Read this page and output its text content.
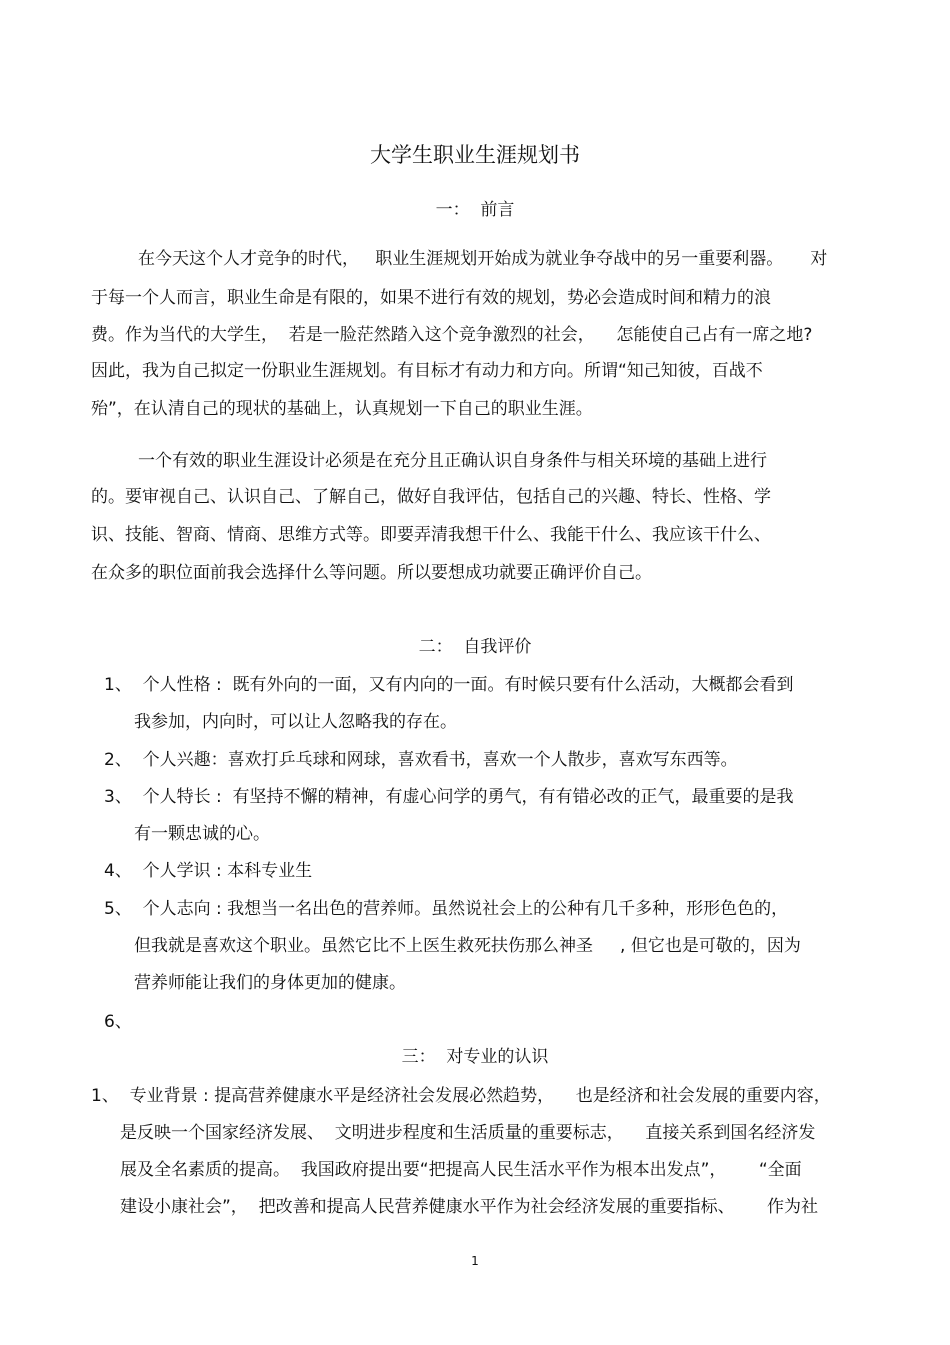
大学生职业生涯规划书
一：  前言
在今天这个人才竞争的时代，   职业生涯规划开始成为就业争夺战中的另一重要利器。     对
于每一个人而言，职业生命是有限的，如果不进行有效的规划，势必会造成时间和精力的浪
费。作为当代的大学生，  若是一脸茫然踏入这个竞争激烈的社会，    怎能使自己占有一席之地?
因此，我为自己拟定一份职业生涯规划。有目标才有动力和方向。所谓“知己知彼，百战不
殆”，在认清自己的现状的基础上，认真规划一下自己的职业生涯。
一个有效的职业生涯设计必须是在充分且正确认识自身条件与相关环境的基础上进行
的。要审视自己、认识自己、了解自己，做好自我评估，包括自己的兴趣、特长、性格、学
识、技能、智商、情商、思维方式等。即要弄清我想干什么、我能干什么、我应该干什么、
在众多的职位面前我会选择什么等问题。所以要想成功就要正确评价自己。
二：  自我评价
1、  个人性格 :  既有外向的一面，又有内向的一面。有时候只要有什么活动，大概都会看到
我参加，内向时，可以让人忽略我的存在。
2、  个人兴趣：喜欢打乒乓球和网球，喜欢看书，喜欢一个人散步，喜欢写东西等。
3、  个人特长 :  有坚持不懈的精神，有虚心问学的勇气，有有错必改的正气，最重要的是我
有一颗忠诚的心。
4、  个人学识 : 本科专业生
5、  个人志向 : 我想当一名出色的营养师。虽然说社会上的公种有几千多种，形形色色的，
但我就是喜欢这个职业。虽然它比不上医生救死扶伤那么神圣     , 但它也是可敬的，因为
营养师能让我们的身体更加的健康。
6、
三：  对专业的认识
1、  专业背景 : 提高营养健康水平是经济社会发展必然趋势，    也是经济和社会发展的重要内容，
是反映一个国家经济发展、  文明进步程度和生活质量的重要标志，    直接关系到国名经济发
展及全名素质的提高。  我国政府提出要“把提高人民生活水平作为根本出发点”，      “全面
建设小康社会”，  把改善和提高人民营养健康水平作为社会经济发展的重要指标、      作为社
1
